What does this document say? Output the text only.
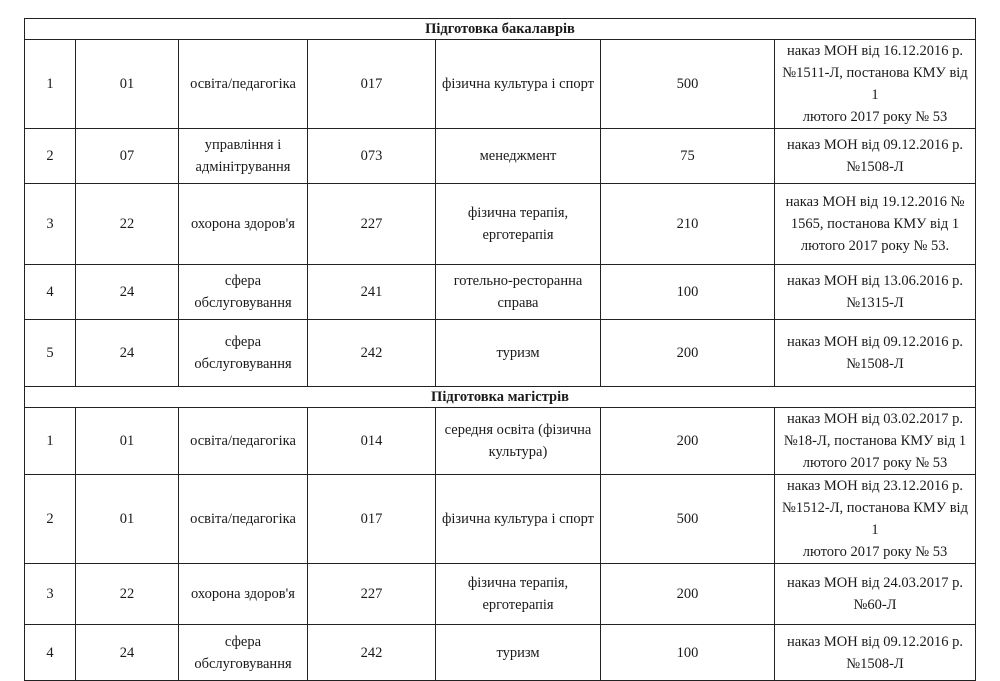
Підготовка бакалаврів						
1	01	освіта/педагогіка	017	фізична культура і спорт	500	наказ МОН від 16.12.2016 р.
№1511-Л, постанова КМУ від 1
лютого 2017 року № 53
2	07	управління і
адмінітрування	073	менеджмент	75	наказ МОН від 09.12.2016 р.
№1508-Л
3	22	охорона здоров'я	227	фізична терапія,
ерготерапія	210	наказ МОН від 19.12.2016 №
1565, постанова КМУ від 1
лютого 2017 року № 53.
4	24	сфера
обслуговування	241	готельно-ресторанна
справа	100	наказ МОН від 13.06.2016 р.
№1315-Л
5	24	сфера
обслуговування	242	туризм	200	наказ МОН від 09.12.2016 р.
№1508-Л
Підготовка магістрів						
1	01	освіта/педагогіка	014	середня освіта (фізична
культура)	200	наказ МОН від 03.02.2017 р.
№18-Л, постанова КМУ від 1
лютого 2017 року № 53
2	01	освіта/педагогіка	017	фізична культура і спорт	500	наказ МОН від 23.12.2016 р.
№1512-Л, постанова КМУ від 1
лютого 2017 року № 53
3	22	охорона здоров'я	227	фізична терапія,
ерготерапія	200	наказ МОН від 24.03.2017 р.
№60-Л
4	24	сфера
обслуговування	242	туризм	100	наказ МОН від 09.12.2016 р.
№1508-Л
